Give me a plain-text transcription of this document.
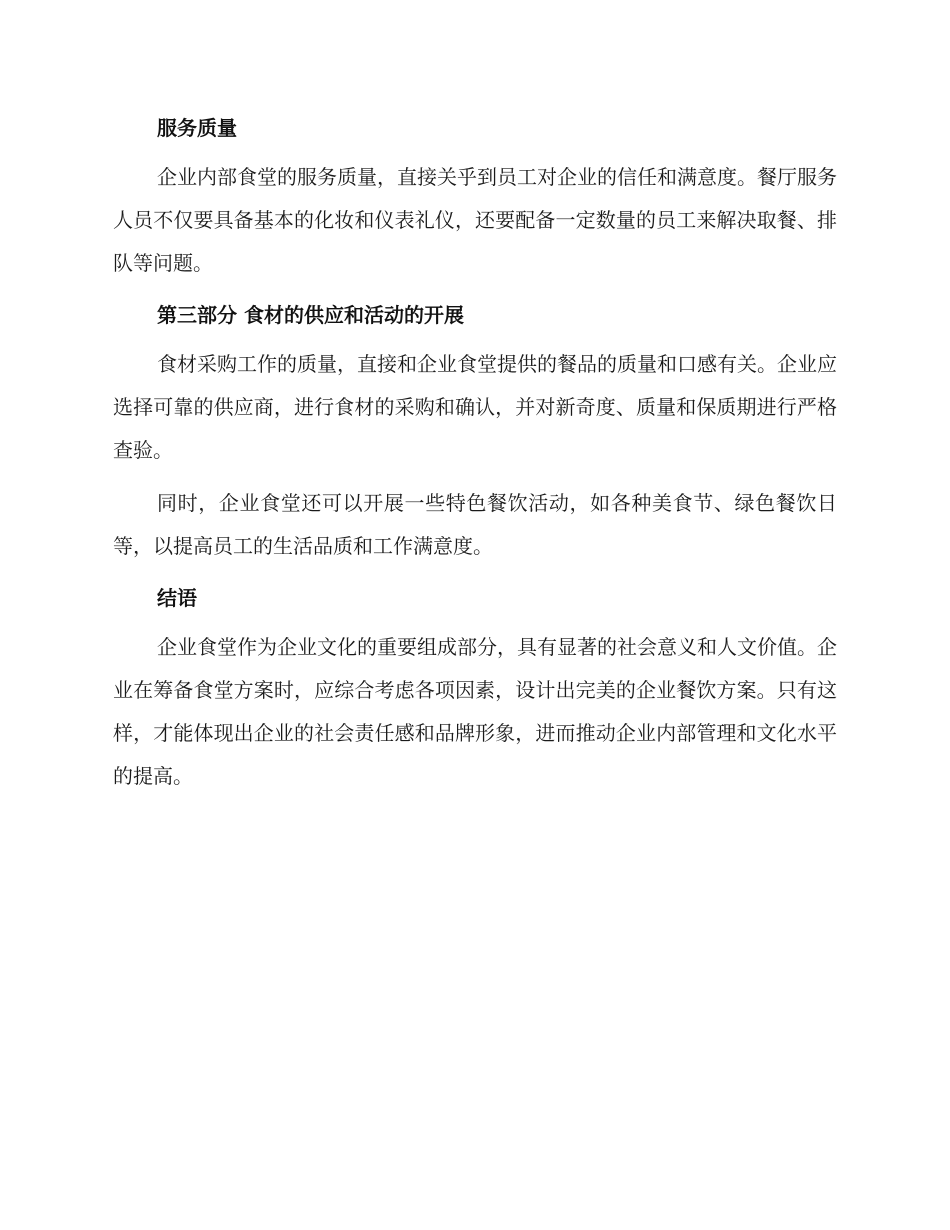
服务质量

企业内部食堂的服务质量，直接关乎到员工对企业的信任和满意度。餐厅服务人员不仅要具备基本的化妆和仪表礼仪，还要配备一定数量的员工来解决取餐、排队等问题。

第三部分 食材的供应和活动的开展

食材采购工作的质量，直接和企业食堂提供的餐品的质量和口感有关。企业应选择可靠的供应商，进行食材的采购和确认，并对新奇度、质量和保质期进行严格查验。

同时，企业食堂还可以开展一些特色餐饮活动，如各种美食节、绿色餐饮日等，以提高员工的生活品质和工作满意度。

结语

企业食堂作为企业文化的重要组成部分，具有显著的社会意义和人文价值。企业在筹备食堂方案时，应综合考虑各项因素，设计出完美的企业餐饮方案。只有这样，才能体现出企业的社会责任感和品牌形象，进而推动企业内部管理和文化水平的提高。
